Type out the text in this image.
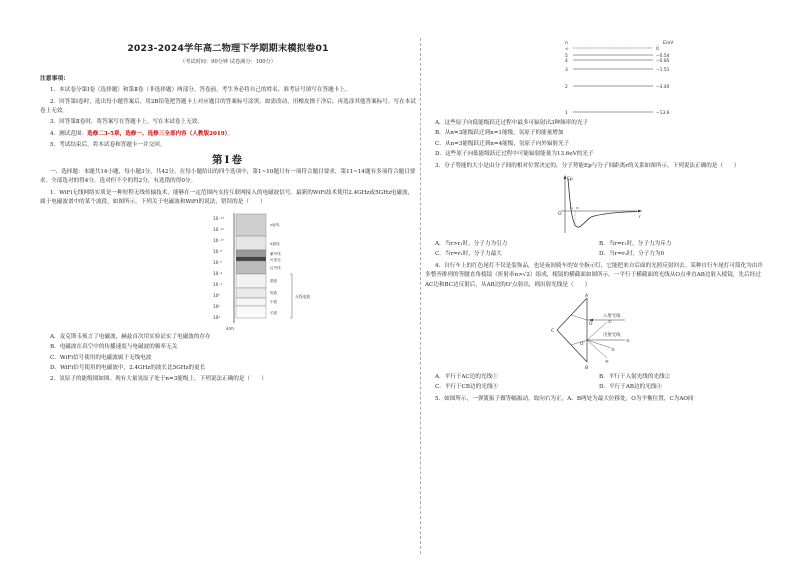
2023-2024学年高二物理下学期期末模拟卷01
（考试时间：90分钟 试卷满分：100分）
注意事项：
1．本试卷分第Ⅰ卷（选择题）和第Ⅱ卷（非选择题）两部分。答卷前，考生务必将自己的姓名、准考证号填写在答题卡上。
2．回答第Ⅰ卷时，选出每小题答案后，用2B铅笔把答题卡上对应题目的答案标号涂黑。如需改动，用橡皮擦干净后，再选涂其他答案标号。写在本试卷上无效。
3．回答第Ⅱ卷时，将答案写在答题卡上。写在本试卷上无效。
4．测试范围：选修二3-5章，选修一、选修三全部内容（人教版2019）。
5．考试结束后，将本试卷和答题卡一并交回。
第Ⅰ卷
一、选择题：本题共14小题，每小题3分，共42分。在每小题给出的四个选项中，第1~10题只有一项符合题目要求，第11~14题有多项符合题目要求。全部选对的得4分，选对但不全的得2分，有选错的得0分。
1．WiFi无线网络实质是一种短程无线传输技术，能够在一定范围内支持互联网接入的电磁波信号。最新的WiFi技术使用2.4GHz或5GHz电磁波，属于电磁波谱中的某个波段，如图所示。下列关于电磁波和WiFi的说法，错误的是（　　）
10⁻¹⁴
10⁻¹²
10⁻¹⁰
10⁻⁸
10⁻⁶
10⁻⁴
10⁻²
10⁰
10²
10⁴
λ/m
γ射线
X射线
紫外线
可见光
红外线
微波
短波
中波
长波
无线电波
A．麦克斯韦预言了电磁波，赫兹首次用实验证实了电磁波的存在
B．电磁波在真空中的传播速度与电磁波的频率无关
C．WiFi信号使用的电磁波属于无线电波
D．WiFi信号使用的电磁波中，2.4GHz的波长比5GHz的更长
2．氢原子的能级图如图。现有大量氢原子处于n=3能级上，下列说法正确的是（　　）
n	E/eV
∞	0
5	−0.54
4	−0.85
3	−1.51
2	−3.40
1	−13.6
A．这些原子向低能级跃迁过程中最多可辐射出3种频率的光子
B．从n=3能级跃迁到n=1能级，氢原子的能量增加
C．从n=3能级跃迁到n=4能级，氢原子向外辐射光子
D．这些原子向低能级跃迁过程中可能辐射能量为13.6eV的光子
3．分子势能的大小是由分子间的相对位置决定的，分子势能Ep与分子间距离r的关系如图所示。下列说法正确的是（　　）
Ep
r
O
r₁ r₂
A．当r>r₁时，分子力为引力	B．当r=r₁时，分子力为斥力
C．当r=r₁时，分子力最大	D．当r=r₂时，分子力为0
4．自行车上的红色尾灯不仅是装饰品，也是夜间骑车的安全指示灯，它能把来自后面的光照反射回去。某种自行车尾灯可简化为由许多整齐排列的等腰直角棱镜（折射率n>√2）组成，棱镜的横截面如图所示。一平行于横截面的光线从O点垂直AB边射入棱镜，先后经过AC边和BC边反射后，从AB边的O'点射出，则出射光线是（　　）
A
B
C
O
O'
入射光线
出射光线
①
②
③
④
A．平行于AC边的光线①	B．平行于入射光线的光线②
C．平行于CB边的光线③	D．平行于AB边的光线④
5．如图所示，一弹簧振子做等幅振动，取向右为正，A、B两处为最大位移处，O为平衡位置，C为AO间
